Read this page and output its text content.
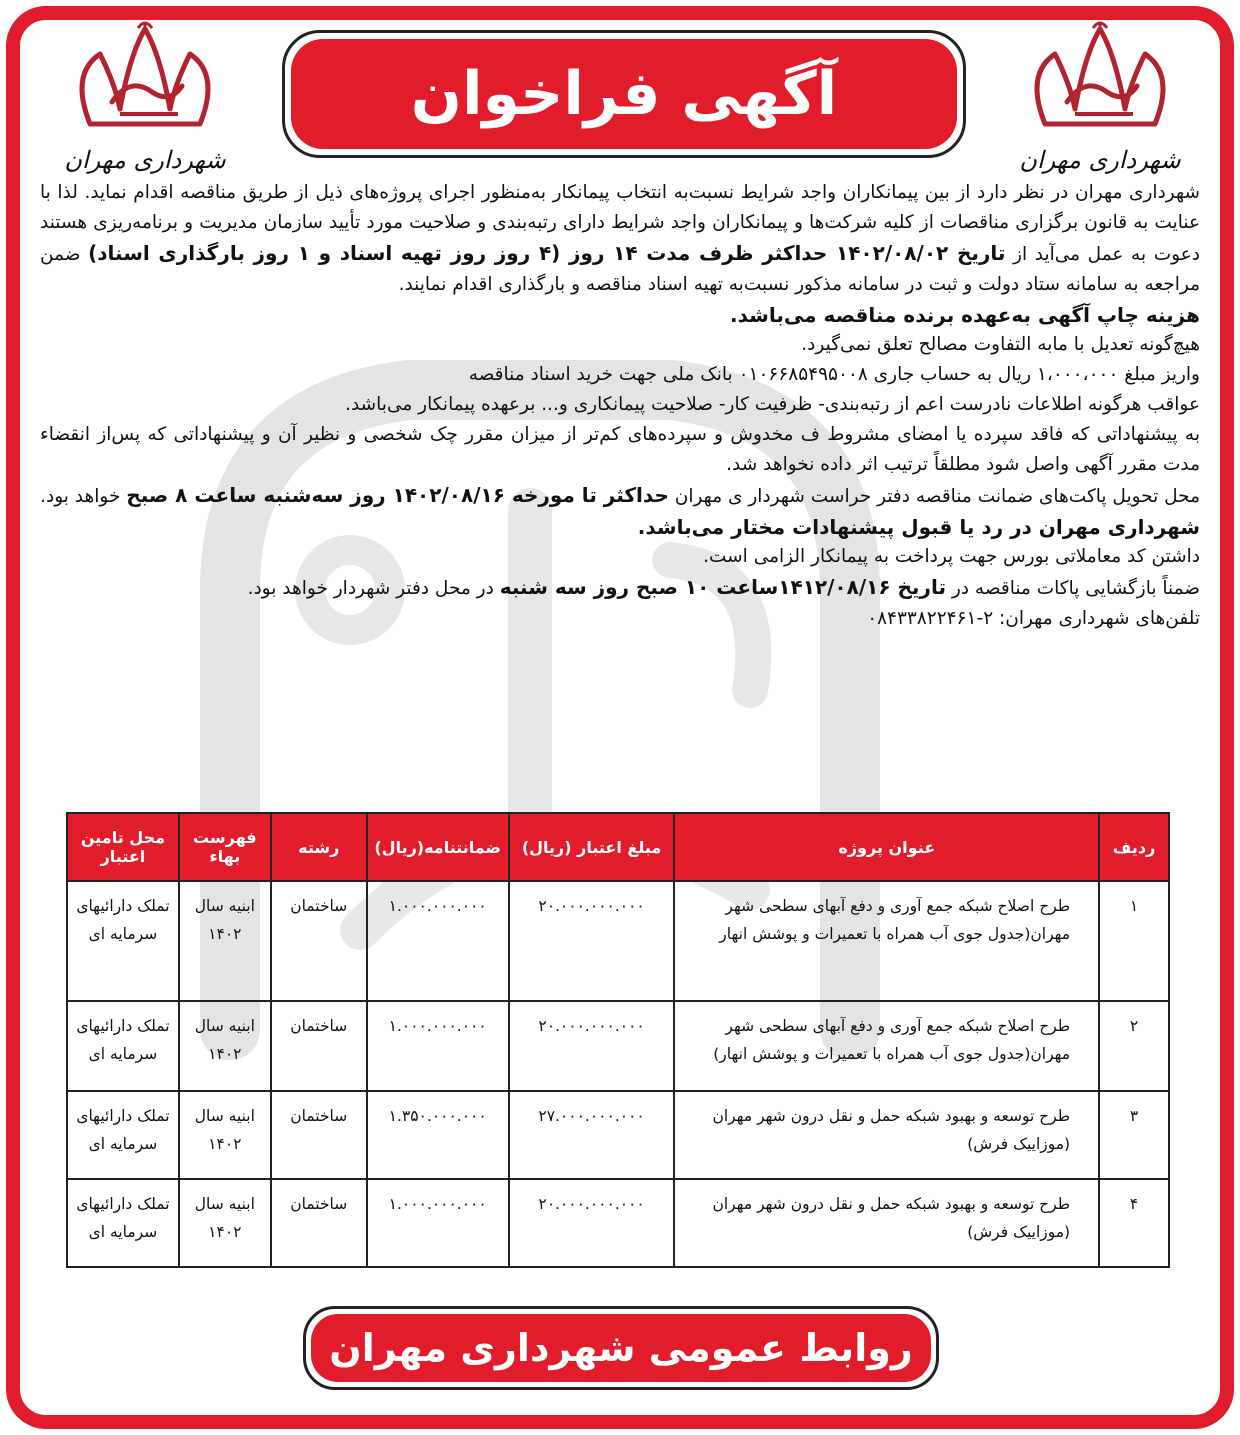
شهرداری مهران
شهرداری مهران
آگهی فراخوان

شهرداری مهران در نظر دارد از بین پیمانکاران واجد شرایط نسبت‌به انتخاب پیمانکار به‌منظور اجرای پروژه‌های ذیل از طریق مناقصه اقدام نماید. لذا با عنایت به قانون برگزاری مناقصات از کلیه شرکت‌ها و پیمانکاران واجد شرایط دارای رتبه‌بندی و صلاحیت مورد تأیید سازمان مدیریت و برنامه‌ریزی هستند دعوت به عمل می‌آید از تاریخ ۱۴۰۲/۰۸/۰۲ حداکثر ظرف مدت ۱۴ روز (۴ روز روز تهیه اسناد و ۱ روز بارگذاری اسناد) ضمن مراجعه به سامانه ستاد دولت و ثبت در سامانه مذکور نسبت‌به تهیه اسناد مناقصه و بارگذاری اقدام نمایند.

هزینه چاپ آگهی به‌عهده برنده مناقصه می‌باشد.

هیچ‌گونه تعدیل با مابه التفاوت مصالح تعلق نمی‌گیرد.

واریز مبلغ ۱،۰۰۰،۰۰۰ ریال به حساب جاری ۰۱۰۶۶۸۵۴۹۵۰۰۸ بانک ملی جهت خرید اسناد مناقصه

عواقب هرگونه اطلاعات نادرست اعم از رتبه‌بندی- ظرفیت کار- صلاحیت پیمانکاری و... برعهده پیمانکار می‌باشد.

به پیشنهاداتی که فاقد سپرده یا امضای مشروط ف مخدوش و سپرده‌های کم‌تر از میزان مقرر چک شخصی و نظیر آن و پیشنهاداتی که پس‌از انقضاء مدت مقرر آگهی واصل شود مطلقاً ترتیب اثر داده نخواهد شد.

محل تحویل پاکت‌های ضمانت مناقصه دفتر حراست شهردار ی مهران حداکثر تا مورخه ۱۴۰۲/۰۸/۱۶ روز سه‌شنبه ساعت ۸ صبح خواهد بود.

شهرداری مهران در رد یا قبول پیشنهادات مختار می‌باشد.

داشتن کد معاملاتی بورس جهت پرداخت به پیمانکار الزامی است.

ضمناً بازگشایی پاکات مناقصه در تاریخ ۱۴۱۲/۰۸/۱۶ساعت ۱۰ صبح روز سه شنبه در محل دفتر شهردار خواهد بود.

تلفن‌های شهرداری مهران: ۲-۰۸۴۳۳۸۲۲۴۶۱

ردیف	عنوان پروژه	مبلغ اعتبار (ریال)	ضمانتنامه(ریال)	رشته	فهرست بهاء	محل تامین اعتبار
۱	طرح اصلاح شبکه جمع آوری و دفع آبهای سطحی شهر مهران(جدول جوی آب همراه با تعمیرات و پوشش انهار	۲۰.۰۰۰.۰۰۰.۰۰۰	۱.۰۰۰.۰۰۰.۰۰۰	ساختمان	ابنیه سال ۱۴۰۲	تملک دارائیهای سرمایه ای
۲	طرح اصلاح شبکه جمع آوری و دفع آبهای سطحی شهر مهران(جدول جوی آب همراه با تعمیرات و پوشش انهار)	۲۰.۰۰۰.۰۰۰.۰۰۰	۱.۰۰۰.۰۰۰.۰۰۰	ساختمان	ابنیه سال ۱۴۰۲	تملک دارائیهای سرمایه ای
۳	طرح توسعه و بهبود شبکه حمل و نقل درون شهر مهران (موزاییک فرش)	۲۷.۰۰۰.۰۰۰.۰۰۰	۱.۳۵۰.۰۰۰.۰۰۰	ساختمان	ابنیه سال ۱۴۰۲	تملک دارائیهای سرمایه ای
۴	طرح توسعه و بهبود شبکه حمل و نقل درون شهر مهران (موزاییک فرش)	۲۰.۰۰۰.۰۰۰.۰۰۰	۱.۰۰۰.۰۰۰.۰۰۰	ساختمان	ابنیه سال ۱۴۰۲	تملک دارائیهای سرمایه ای
روابط عمومی شهرداری مهران
